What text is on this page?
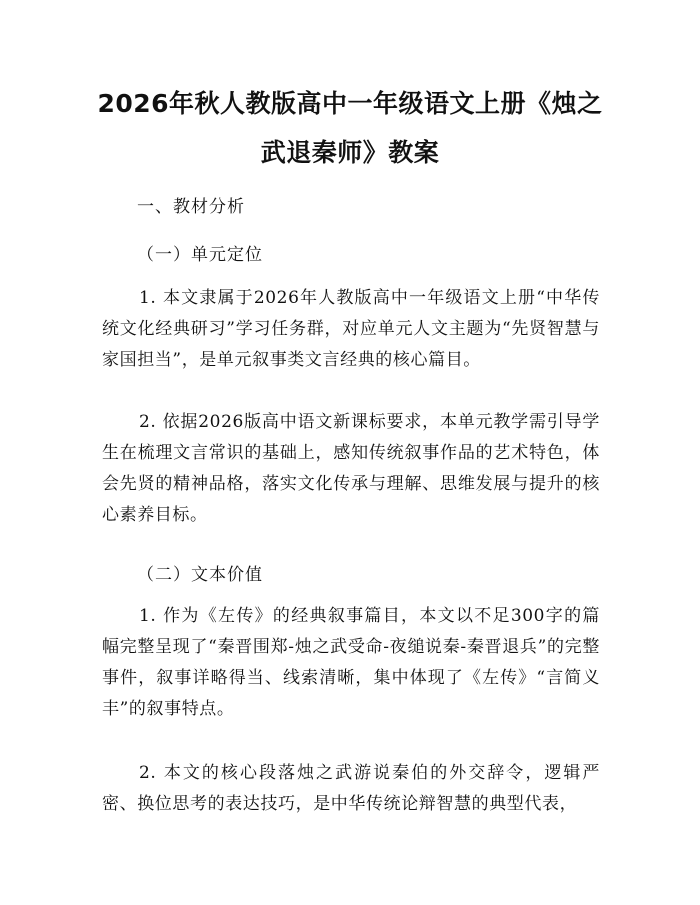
2026年秋人教版高中一年级语文上册《烛之
武退秦师》教案
一、教材分析
（一）单元定位
1. 本文隶属于2026年人教版高中一年级语文上册“中华传统文化经典研习”学习任务群，对应单元人文主题为“先贤智慧与家国担当”，是单元叙事类文言经典的核心篇目。
2. 依据2026版高中语文新课标要求，本单元教学需引导学生在梳理文言常识的基础上，感知传统叙事作品的艺术特色，体会先贤的精神品格，落实文化传承与理解、思维发展与提升的核心素养目标。
（二）文本价值
1. 作为《左传》的经典叙事篇目，本文以不足300字的篇幅完整呈现了“秦晋围郑-烛之武受命-夜缒说秦-秦晋退兵”的完整事件，叙事详略得当、线索清晰，集中体现了《左传》“言简义丰”的叙事特点。
2. 本文的核心段落烛之武游说秦伯的外交辞令，逻辑严密、换位思考的表达技巧，是中华传统论辩智慧的典型代表，
